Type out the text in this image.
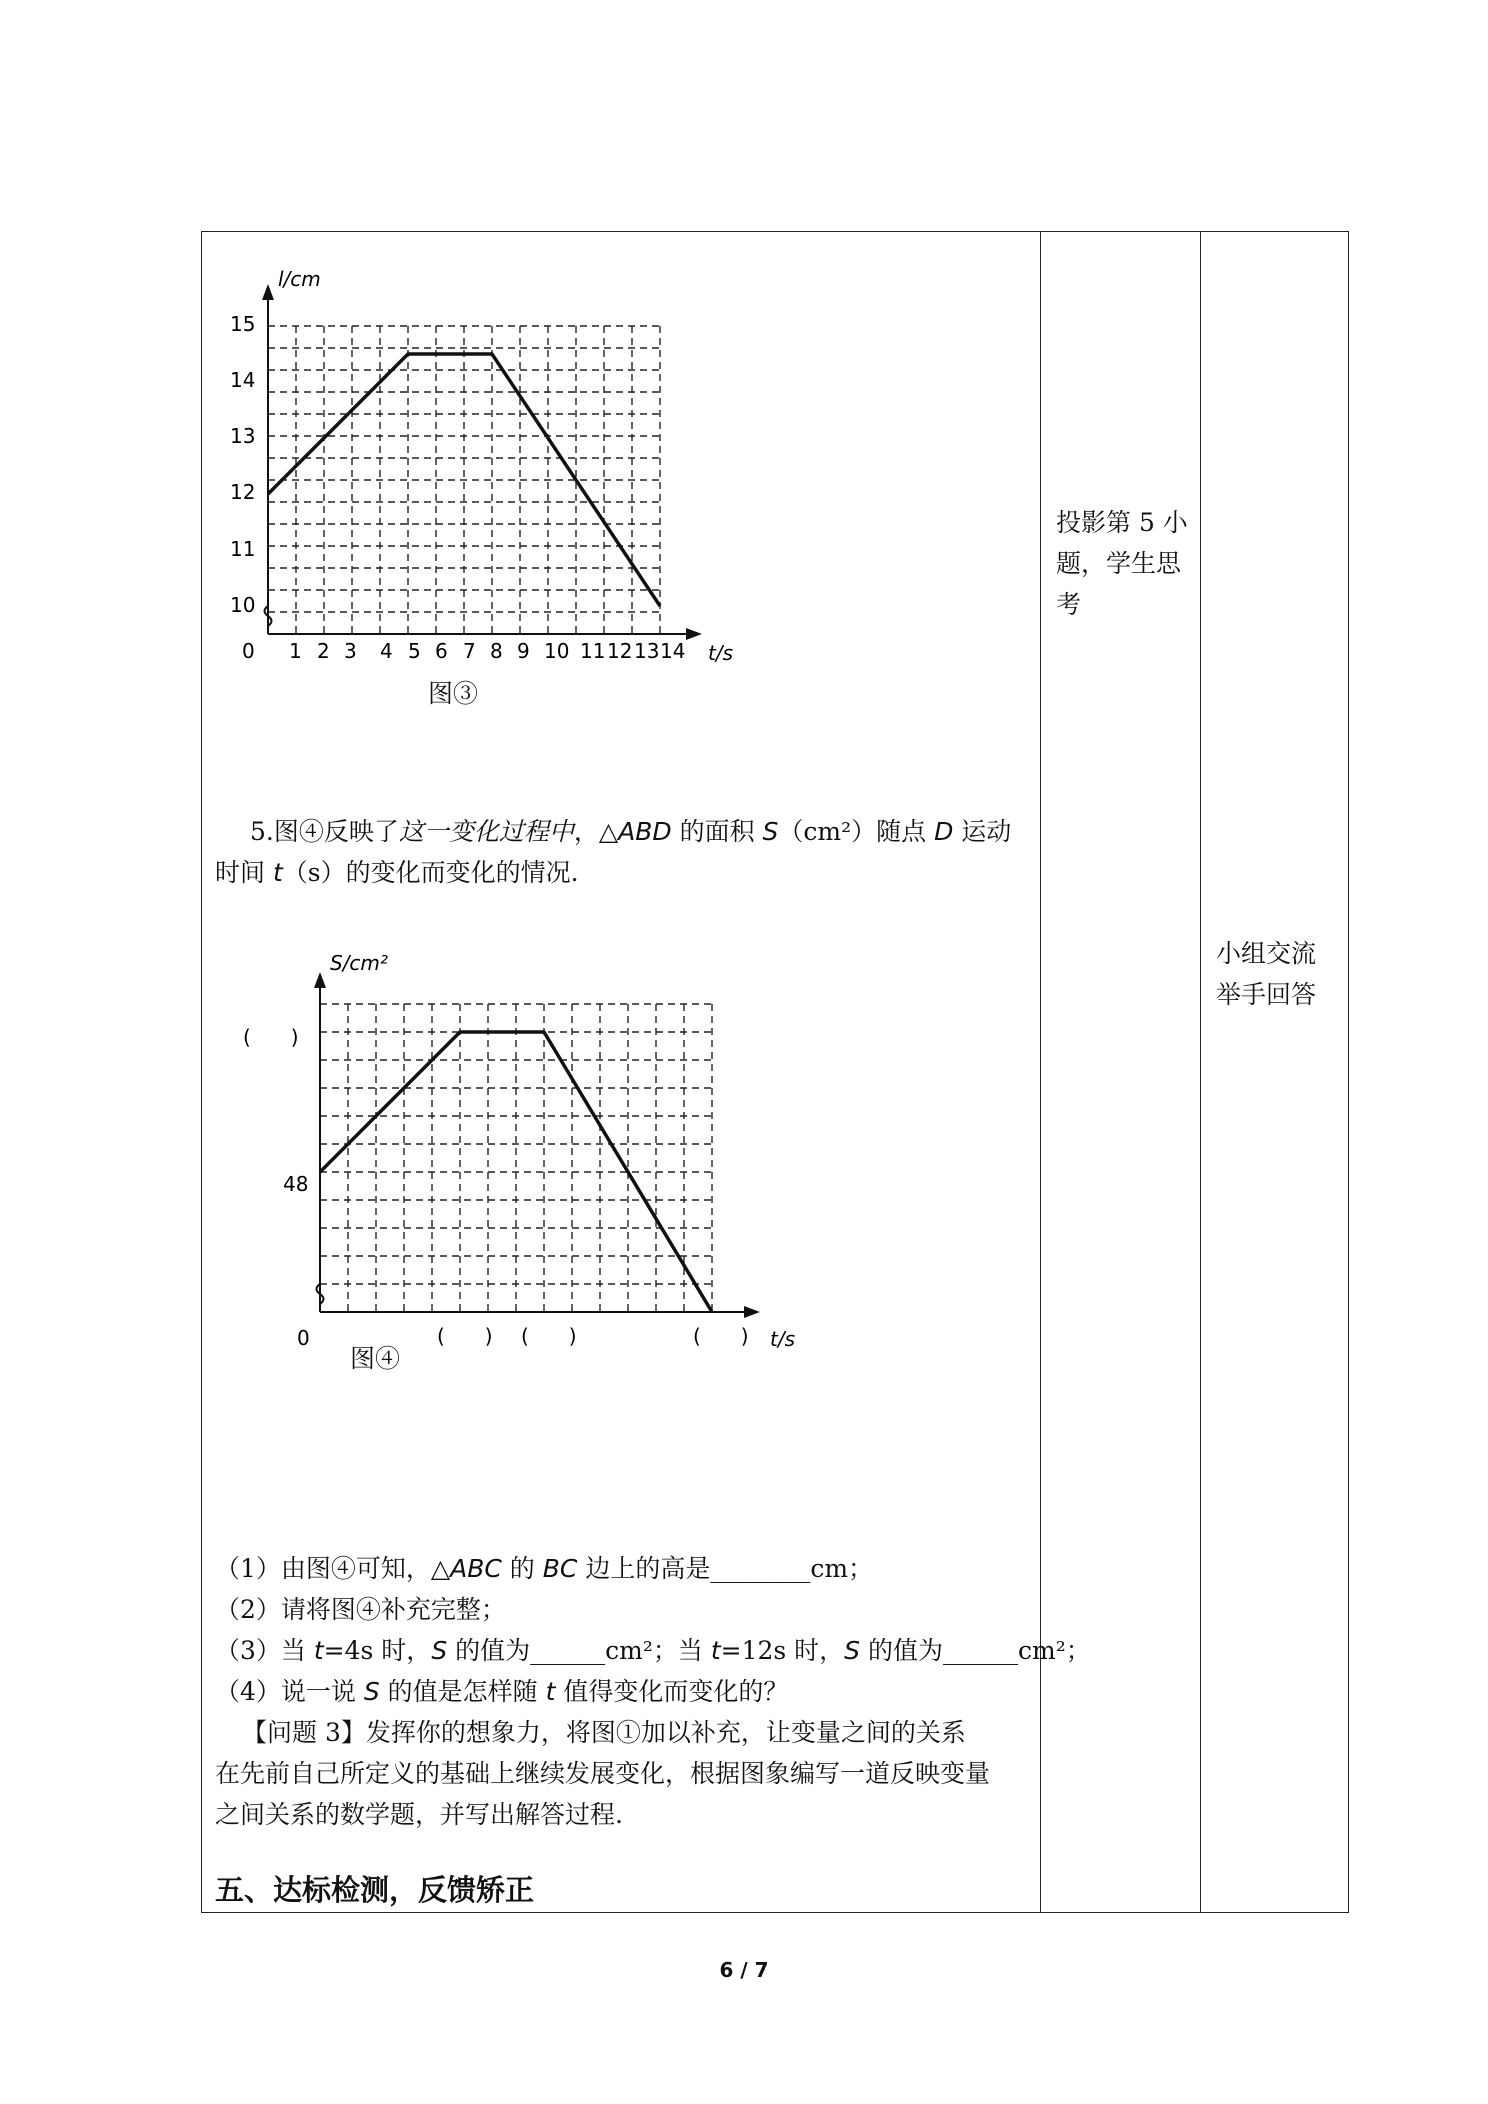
15
14
13
12
11
10
0 1 2 3 4 5 6 7 8 9 10 11 12 13 14
l/cm
t/s
S/cm²
(　　)
48
0	(　　) (　　)	(　　) t/s
图③
图④
5.图④反映了这一变化过程中，△ABD 的面积 S（cm²）随点 D 运动
时间 t（s）的变化而变化的情况.
（1）由图④可知，△ABC 的 BC 边上的高是________cm；
（2）请将图④补充完整；
（3）当 t=4s 时，S 的值为______cm²；当 t=12s 时，S 的值为______cm²；
（4）说一说 S 的值是怎样随 t 值得变化而变化的？
【问题 3】发挥你的想象力，将图①加以补充，让变量之间的关系
在先前自己所定义的基础上继续发展变化，根据图象编写一道反映变量
之间关系的数学题，并写出解答过程.
五、达标检测，反馈矫正
投影第 5 小
题，学生思
考
小组交流
举手回答
6 / 7
